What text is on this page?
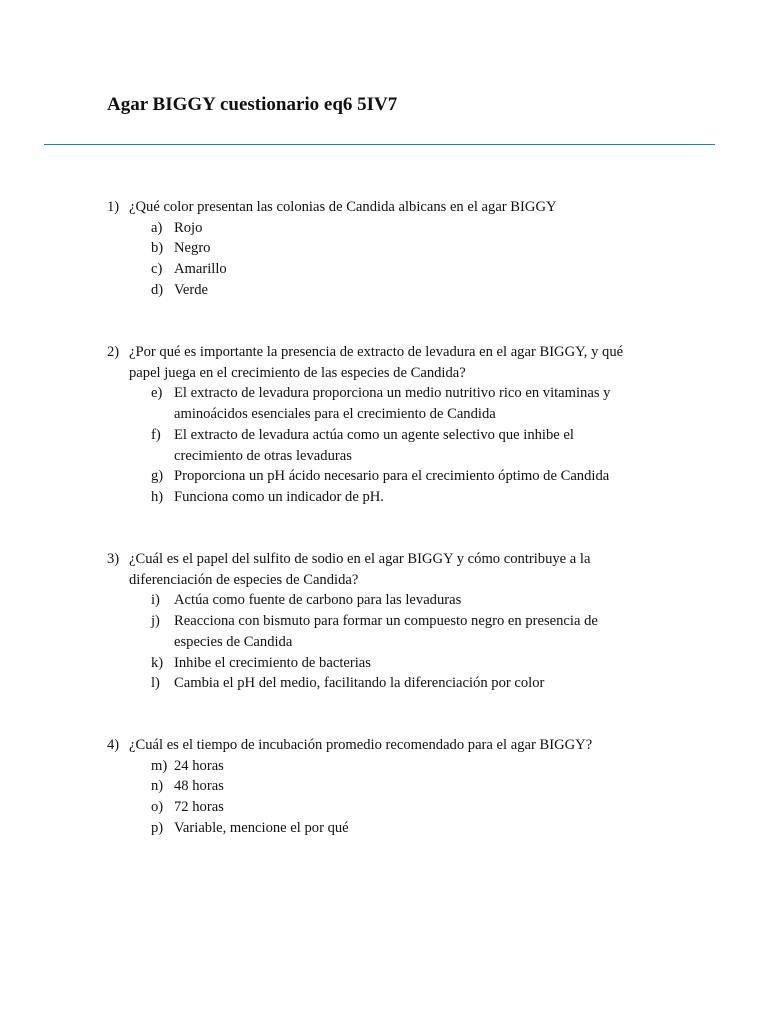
Agar BIGGY cuestionario eq6 5IV7
1) ¿Qué color presentan las colonias de Candida albicans en el agar BIGGY
a) Rojo
b) Negro
c) Amarillo
d) Verde
2) ¿Por qué es importante la presencia de extracto de levadura en el agar BIGGY, y qué papel juega en el crecimiento de las especies de Candida?
e) El extracto de levadura proporciona un medio nutritivo rico en vitaminas y aminoácidos esenciales para el crecimiento de Candida
f) El extracto de levadura actúa como un agente selectivo que inhibe el crecimiento de otras levaduras
g) Proporciona un pH ácido necesario para el crecimiento óptimo de Candida
h) Funciona como un indicador de pH.
3) ¿Cuál es el papel del sulfito de sodio en el agar BIGGY y cómo contribuye a la diferenciación de especies de Candida?
i) Actúa como fuente de carbono para las levaduras
j) Reacciona con bismuto para formar un compuesto negro en presencia de especies de Candida
k) Inhibe el crecimiento de bacterias
l) Cambia el pH del medio, facilitando la diferenciación por color
4) ¿Cuál es el tiempo de incubación promedio recomendado para el agar BIGGY?
m) 24 horas
n) 48 horas
o) 72 horas
p) Variable, mencione el por qué
